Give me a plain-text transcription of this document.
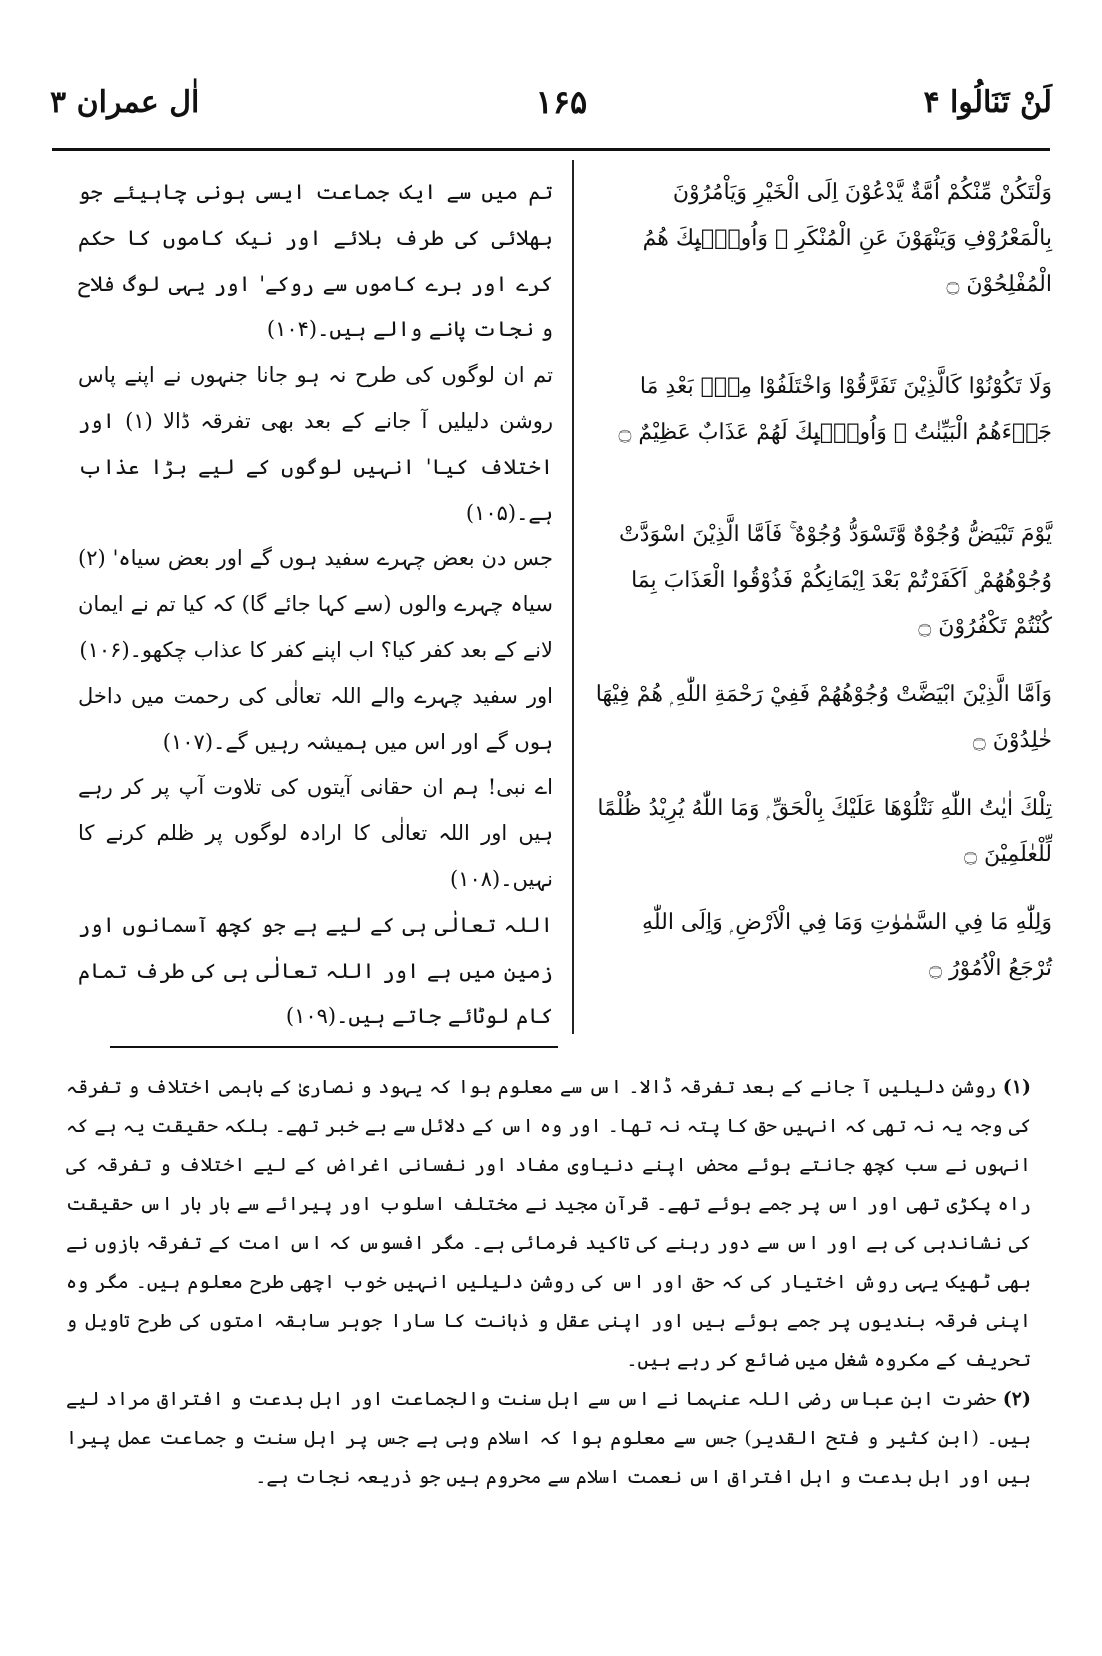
لَنْ تَنَالُوا ۴
۱۶۵
اٰل عمران ۳
وَلْتَكُنْ مِّنْكُمْ اُمَّةٌ يَّدْعُوْنَ اِلَى الْخَيْرِ وَيَاْمُرُوْنَ بِالْمَعْرُوْفِ وَيَنْهَوْنَ عَنِ الْمُنْكَرِ ۭ وَاُولٰۗىِٕكَ ھُمُ الْمُفْلِحُوْنَ ۝
وَلَا تَكُوْنُوْا كَالَّذِيْنَ تَفَرَّقُوْا وَاخْتَلَفُوْا مِنْۢ بَعْدِ مَا جَاۗءَھُمُ الْبَيِّنٰتُ ۭ وَاُولٰۗىِٕكَ لَھُمْ عَذَابٌ عَظِيْمٌ ۝
يَّوْمَ تَبْيَضُّ وُجُوْهٌ وَّتَسْوَدُّ وُجُوْهٌ ۚ فَاَمَّا الَّذِيْنَ اسْوَدَّتْ وُجُوْھُھُمْ ۣ اَكَفَرْتُمْ بَعْدَ اِيْمَانِكُمْ فَذُوْقُوا الْعَذَابَ بِمَا كُنْتُمْ تَكْفُرُوْنَ ۝
وَاَمَّا الَّذِيْنَ ابْيَضَّتْ وُجُوْھُھُمْ فَفِيْ رَحْمَةِ اللّٰهِ ۭ ھُمْ فِيْھَا خٰلِدُوْنَ ۝
تِلْكَ اٰيٰتُ اللّٰهِ نَتْلُوْھَا عَلَيْكَ بِالْحَقِّ ۭ وَمَا اللّٰهُ يُرِيْدُ ظُلْمًا لِّلْعٰلَمِيْنَ ۝
وَلِلّٰهِ مَا فِي السَّمٰوٰتِ وَمَا فِي الْاَرْضِ ۭ وَاِلَى اللّٰهِ تُرْجَعُ الْاُمُوْرُ ۝

تم میں سے ایک جماعت ایسی ہونی چاہیئے جو بھلائی کی طرف بلائے اور نیک کاموں کا حکم کرے اور برے کاموں سے روکے' اور یہی لوگ فلاح و نجات پانے والے ہیں۔(۱۰۴)

تم ان لوگوں کی طرح نہ ہو جانا جنہوں نے اپنے پاس روشن دلیلیں آ جانے کے بعد بھی تفرقہ ڈالا (۱) اور اختلاف کیا' انہیں لوگوں کے لیے بڑا عذاب ہے۔(۱۰۵)

جس دن بعض چہرے سفید ہوں گے اور بعض سیاہ' (۲) سیاہ چہرے والوں (سے کہا جائے گا) کہ کیا تم نے ایمان لانے کے بعد کفر کیا؟ اب اپنے کفر کا عذاب چکھو۔(۱۰۶)

اور سفید چہرے والے اللہ تعالٰی کی رحمت میں داخل ہوں گے اور اس میں ہمیشہ رہیں گے۔(۱۰۷)

اے نبی! ہم ان حقانی آیتوں کی تلاوت آپ پر کر رہے ہیں اور اللہ تعالٰی کا ارادہ لوگوں پر ظلم کرنے کا نہیں۔(۱۰۸)

اللہ تعالٰی ہی کے لیے ہے جو کچھ آسمانوں اور زمین میں ہے اور اللہ تعالٰی ہی کی طرف تمام کام لوٹائے جاتے ہیں۔(۱۰۹)

(۱) روشن دلیلیں آ جانے کے بعد تفرقہ ڈالا۔ اس سے معلوم ہوا کہ یہود و نصاریٰ کے باہمی اختلاف و تفرقہ کی وجہ یہ نہ تھی کہ انہیں حق کا پتہ نہ تھا۔ اور وہ اس کے دلائل سے بے خبر تھے۔ بلکہ حقیقت یہ ہے کہ انہوں نے سب کچھ جانتے ہوئے محض اپنے دنیاوی مفاد اور نفسانی اغراض کے لیے اختلاف و تفرقہ کی راہ پکڑی تھی اور اس پر جمے ہوئے تھے۔ قرآن مجید نے مختلف اسلوب اور پیرائے سے بار بار اس حقیقت کی نشاندہی کی ہے اور اس سے دور رہنے کی تاکید فرمائی ہے۔ مگر افسوس کہ اس امت کے تفرقہ بازوں نے بھی ٹھیک یہی روش اختیار کی کہ حق اور اس کی روشن دلیلیں انہیں خوب اچھی طرح معلوم ہیں۔ مگر وہ اپنی فرقہ بندیوں پر جمے ہوئے ہیں اور اپنی عقل و ذہانت کا سارا جوہر سابقہ امتوں کی طرح تاویل و تحریف کے مکروہ شغل میں ضائع کر رہے ہیں۔

(۲) حضرت ابن عباس رضی اللہ عنہما نے اس سے اہل سنت والجماعت اور اہل بدعت و افتراق مراد لیے ہیں۔ (ابن کثیر و فتح القدیر) جس سے معلوم ہوا کہ اسلام وہی ہے جس پر اہل سنت و جماعت عمل پیرا ہیں اور اہل بدعت و اہل افتراق اس نعمت اسلام سے محروم ہیں جو ذریعہ نجات ہے۔
